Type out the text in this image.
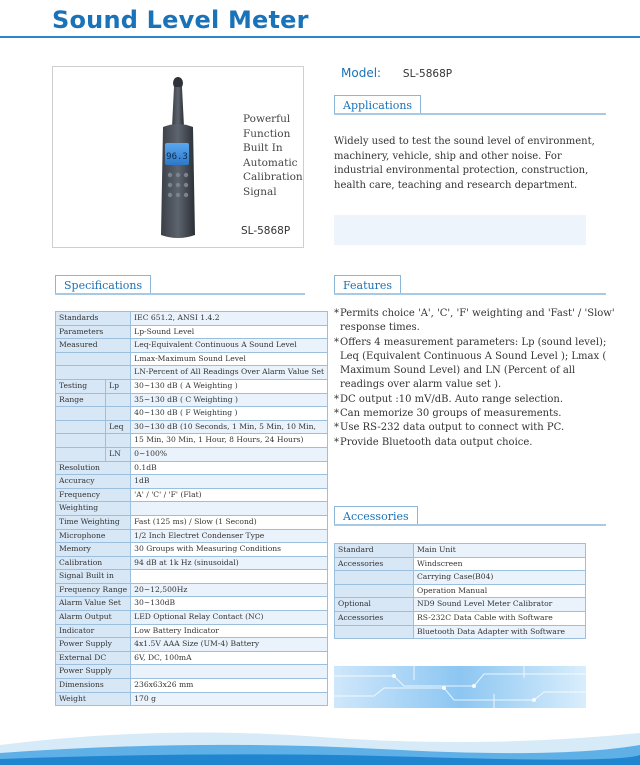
Sound Level Meter
96.3
Powerful
Function
Built In
Automatic
Calibration
Signal
SL-5868P
Model: SL-5868P
Applications
Widely used to test the sound level of environment, machinery, vehicle, ship and other noise. For industrial environmental protection, construction, health care, teaching and research department.
Specifications
Standards		IEC 651.2, ANSI 1.4.2
Parameters		Lp-Sound Level
Measured		Leq-Equivalent Continuous A Sound Level
		Lmax-Maximum Sound Level
		LN-Percent of All Readings Over Alarm Value Set
Testing	Lp	30~130 dB ( A Weighting )
Range		35~130 dB ( C Weighting )
		40~130 dB ( F Weighting )
	Leq	30~130 dB (10 Seconds, 1 Min, 5 Min, 10 Min,
		15 Min, 30 Min, 1 Hour, 8 Hours, 24 Hours)
	LN	0~100%
Resolution		0.1dB
Accuracy		1dB
Frequency		'A' / 'C' / 'F' (Flat)
Weighting		
Time Weighting		Fast (125 ms) / Slow (1 Second)
Microphone		1/2 Inch Electret Condenser Type
Memory		30 Groups with Measuring Conditions
Calibration		94 dB at 1k Hz (sinusoidal)
Signal Built in		
Frequency Range		20~12,500Hz
Alarm Value Set		30~130dB
Alarm Output		LED Optional Relay Contact (NC)
Indicator		Low Battery Indicator
Power Supply		4x1.5V AAA Size (UM-4) Battery
External DC		6V, DC, 100mA
Power Supply		
Dimensions		236x63x26 mm
Weight		170 g
Features
* Permits choice 'A', 'C', 'F' weighting and 'Fast' / 'Slow' response times.
* Offers 4 measurement parameters: Lp (sound level); Leq (Equivalent Continuous A Sound Level ); Lmax ( Maximum Sound Level) and LN (Percent of all readings over alarm value set ).
* DC output :10 mV/dB. Auto range selection.
* Can memorize 30 groups of measurements.
* Use RS-232 data output to connect with PC.
* Provide Bluetooth data output choice.
Accessories
Standard	Main Unit
Accessories	Windscreen
	Carrying Case(B04)
	Operation Manual
Optional	ND9 Sound Level Meter Calibrator
Accessories	RS-232C Data Cable with Software
	Bluetooth Data Adapter with Software
